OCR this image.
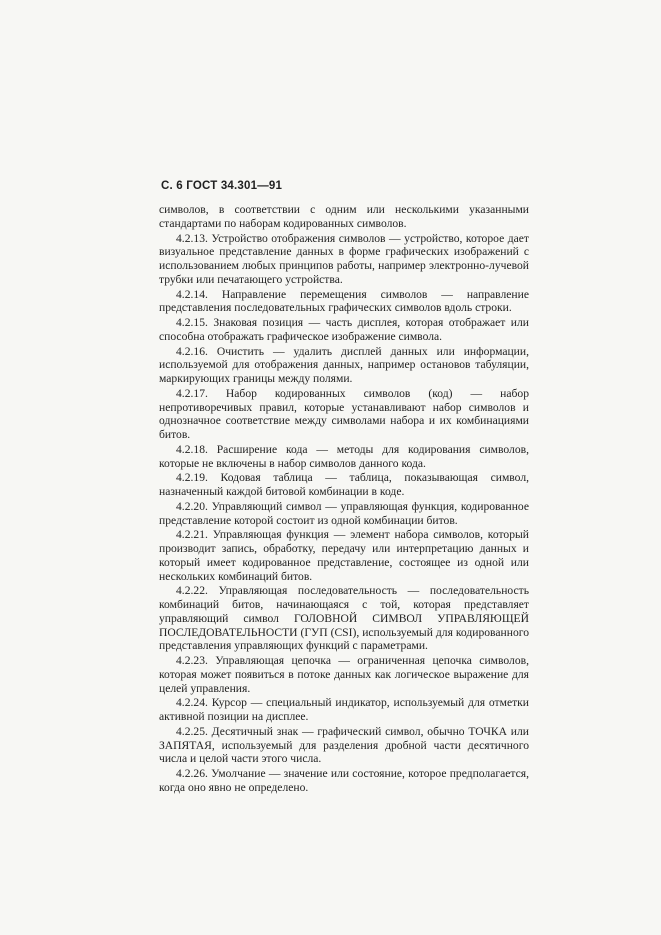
С. 6 ГОСТ 34.301—91

символов, в соответствии с одним или несколькими указанными стандартами по наборам кодированных символов.

4.2.13. Устройство отображения символов — устройство, которое дает визуальное представление данных в форме графических изображений с использованием любых принципов работы, например электронно-лучевой трубки или печатающего устройства.

4.2.14. Направление перемещения символов — направление представления последовательных графических символов вдоль строки.

4.2.15. Знаковая позиция — часть дисплея, которая отображает или способна отображать графическое изображение символа.

4.2.16. Очистить — удалить дисплей данных или информации, используемой для отображения данных, например остановов табуляции, маркирующих границы между полями.

4.2.17. Набор кодированных символов (код) — набор непротиворечивых правил, которые устанавливают набор символов и однозначное соответствие между символами набора и их комбинациями битов.

4.2.18. Расширение кода — методы для кодирования символов, которые не включены в набор символов данного кода.

4.2.19. Кодовая таблица — таблица, показывающая символ, назначенный каждой битовой комбинации в коде.

4.2.20. Управляющий символ — управляющая функция, кодированное представление которой состоит из одной комбинации битов.

4.2.21. Управляющая функция — элемент набора символов, который производит запись, обработку, передачу или интерпретацию данных и который имеет кодированное представление, состоящее из одной или нескольких комбинаций битов.

4.2.22. Управляющая последовательность — последовательность комбинаций битов, начинающаяся с той, которая представляет управляющий символ ГОЛОВНОЙ СИМВОЛ УПРАВЛЯЮЩЕЙ ПОСЛЕДОВАТЕЛЬНОСТИ (ГУП (CSI), используемый для кодированного представления управляющих функций с параметрами.

4.2.23. Управляющая цепочка — ограниченная цепочка символов, которая может появиться в потоке данных как логическое выражение для целей управления.

4.2.24. Курсор — специальный индикатор, используемый для отметки активной позиции на дисплее.

4.2.25. Десятичный знак — графический символ, обычно ТОЧКА или ЗАПЯТАЯ, используемый для разделения дробной части десятичного числа и целой части этого числа.

4.2.26. Умолчание — значение или состояние, которое предполагается, когда оно явно не определено.
